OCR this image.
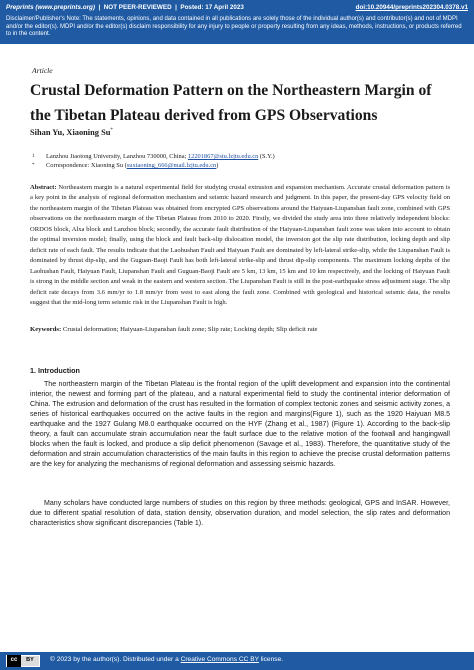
Preprints (www.preprints.org) | NOT PEER-REVIEWED | Posted: 17 April 2023	doi:10.20944/preprints202304.0378.v1
Disclaimer/Publisher's Note: The statements, opinions, and data contained in all publications are solely those of the individual author(s) and contributor(s) and not of MDPI and/or the editor(s). MDPI and/or the editor(s) disclaim responsibility for any injury to people or property resulting from any ideas, methods, instructions, or products referred to in the content.
Article
Crustal Deformation Pattern on the Northeastern Margin of the Tibetan Plateau derived from GPS Observations
Sihan Yu, Xiaoning Su*
1 Lanzhou Jiaotong University, Lanzhou 730000, China; 12201867@stu.lzjtu.edu.cn (S.Y.)
* Correspondence: Xiaoning Su (suxiaoning_666@mail.lzjtu.edu.cn)

Abstract: Northeastern margin is a natural experimental field for studying crustal extrusion and expansion mechanism. Accurate crustal deformation pattern is a key point in the analysis of regional deformation mechanism and seismic hazard research and judgment. In this paper, the present-day GPS velocity field on the northeastern margin of the Tibetan Plateau was obtained from encrypted GPS observations around the Haiyuan-Liupanshan fault zone, combined with GPS observations on the northeastern margin of the Tibetan Plateau from 2010 to 2020. Firstly, we divided the study area into three relatively independent blocks: ORDOS block, Alxa block and Lanzhou block; secondly, the accurate fault distribution of the Haiyuan-Liupanshan fault zone was taken into account to obtain the optimal inversion model; finally, using the block and fault back-slip dislocation model, the inversion got the slip rate distribution, locking depth and slip deficit rate of each fault. The results indicate that the Laohushan Fault and Haiyuan Fault are dominated by left-lateral strike-slip, while the Liupanshan Fault is dominated by thrust dip-slip, and the Guguan-Baoji Fault has both left-lateral strike-slip and thrust dip-slip components. The maximum locking depths of the Laohushan Fault, Haiyuan Fault, Liupanshan Fault and Guguan-Baoji Fault are 5 km, 13 km, 15 km and 10 km respectively, and the locking of Haiyuan Fault is strong in the middle section and weak in the eastern and western section. The Liupanshan Fault is still in the post-earthquake stress adjustment stage. The slip deficit rate decays from 3.6 mm/yr to 1.8 mm/yr from west to east along the fault zone. Combined with geological and historical seismic data, the results suggest that the mid-long term seismic risk in the Liupanshan Fault is high.

Keywords: Crustal deformation; Haiyuan-Liupanshan fault zone; Slip rate; Locking depth; Slip deficit rate

1. Introduction

The northeastern margin of the Tibetan Plateau is the frontal region of the uplift development and expansion into the continental interior, the newest and forming part of the plateau, and a natural experimental field to study the continental interior deformation of China. The extrusion and deformation of the crust has resulted in the formation of complex tectonic zones and seismic activity zones, a series of historical earthquakes occurred on the active faults in the region and margins(Figure 1), such as the 1920 Haiyuan M8.5 earthquake and the 1927 Gulang M8.0 earthquake occurred on the HYF (Zhang et al., 1987) (Figure 1). According to the back-slip theory, a fault can accumulate strain accumulation near the fault surface due to the relative motion of the footwall and hangingwall blocks when the fault is locked, and produce a slip deficit phenomenon (Savage et al., 1983). Therefore, the quantitative study of the deformation and strain accumulation characteristics of the main faults in this region to achieve the precise crustal deformation patterns are the key for analyzing the mechanisms of regional deformation and assessing seismic hazards.

Many scholars have conducted large numbers of studies on this region by three methods: geological, GPS and InSAR. However, due to different spatial resolution of data, station density, observation duration, and model selection, the slip rates and deformation characteristics show significant discrepancies (Table 1).

cc	BY	© 2023 by the author(s). Distributed under a Creative Commons CC BY license.
